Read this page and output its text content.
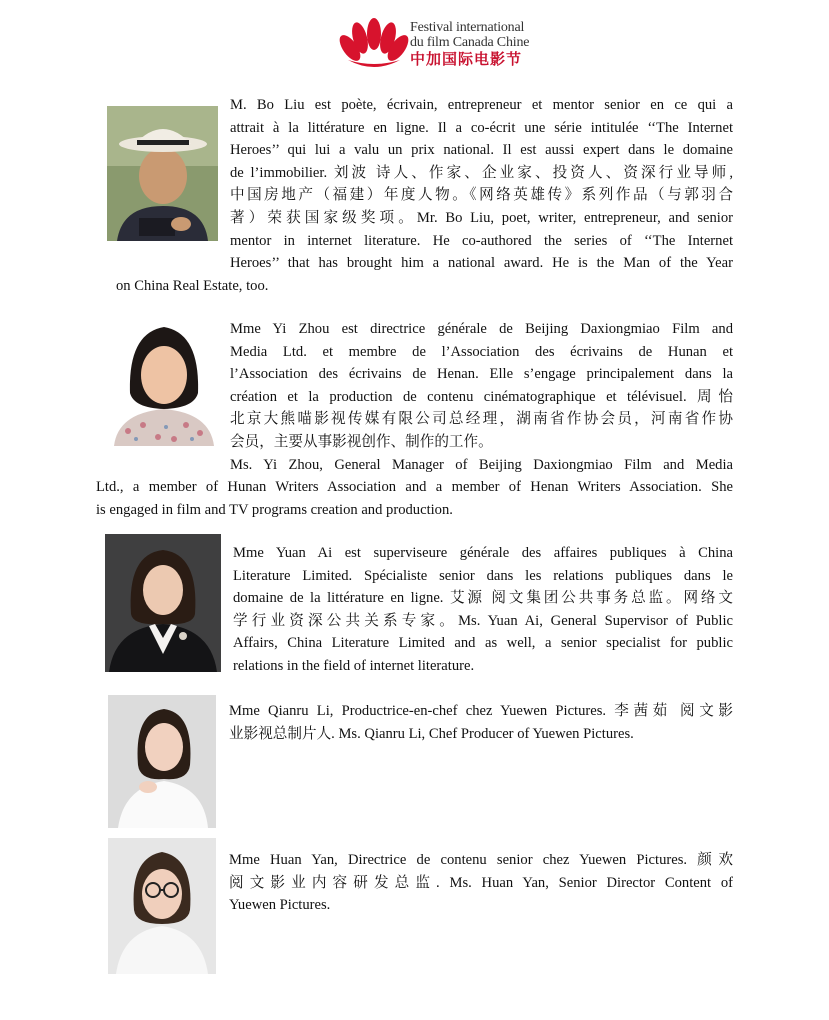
Festival international
du film Canada Chine
中加国际电影节
M. Bo Liu est poète, écrivain, entrepreneur et mentor senior en ce qui a
attrait à la littérature en ligne. Il a co-écrit une série intitulée ‘‘The Internet
Heroes’’ qui lui a valu un prix national. Il est aussi expert dans le domaine
de l’immobilier. 刘波 诗人、作家、企业家、投资人、资深行业导师,
中国房地产（福建）年度人物。《网络英雄传》系列作品（与郭羽合
著）荣获国家级奖项。Mr. Bo Liu, poet, writer, entrepreneur, and senior
mentor in internet literature. He co-authored the series of ‘‘The Internet
Heroes’’ that has brought him a national award. He is the Man of the Year
on China Real Estate, too.
Mme Yi Zhou est directrice générale de Beijing Daxiongmiao Film and
Media Ltd. et membre de l’Association des écrivains de Hunan et
l’Association des écrivains de Henan. Elle s’engage principalement dans la
création et la production de contenu cinématographique et télévisuel. 周怡
北京大熊喵影视传媒有限公司总经理，湖南省作协会员，河南省作协
会员，主要从事影视创作、制作的工作。
Ms. Yi Zhou, General Manager of Beijing Daxiongmiao Film and Media
Ltd., a member of Hunan Writers Association and a member of Henan Writers Association. She
is engaged in film and TV programs creation and production.
Mme Yuan Ai est superviseure générale des affaires publiques à China
Literature Limited. Spécialiste senior dans les relations publiques dans le
domaine de la littérature en ligne. 艾源 阅文集团公共事务总监。网络文
学行业资深公共关系专家。Ms. Yuan Ai, General Supervisor of Public
Affairs, China Literature Limited and as well, a senior specialist for public
relations in the field of internet literature.
Mme Qianru Li, Productrice-en-chef chez Yuewen Pictures. 李茜茹 阅文影
业影视总制片人. Ms. Qianru Li, Chef Producer of Yuewen Pictures.
Mme Huan Yan, Directrice de contenu senior chez Yuewen Pictures. 颜欢
阅文影业内容研发总监. Ms. Huan Yan, Senior Director Content of
Yuewen Pictures.
